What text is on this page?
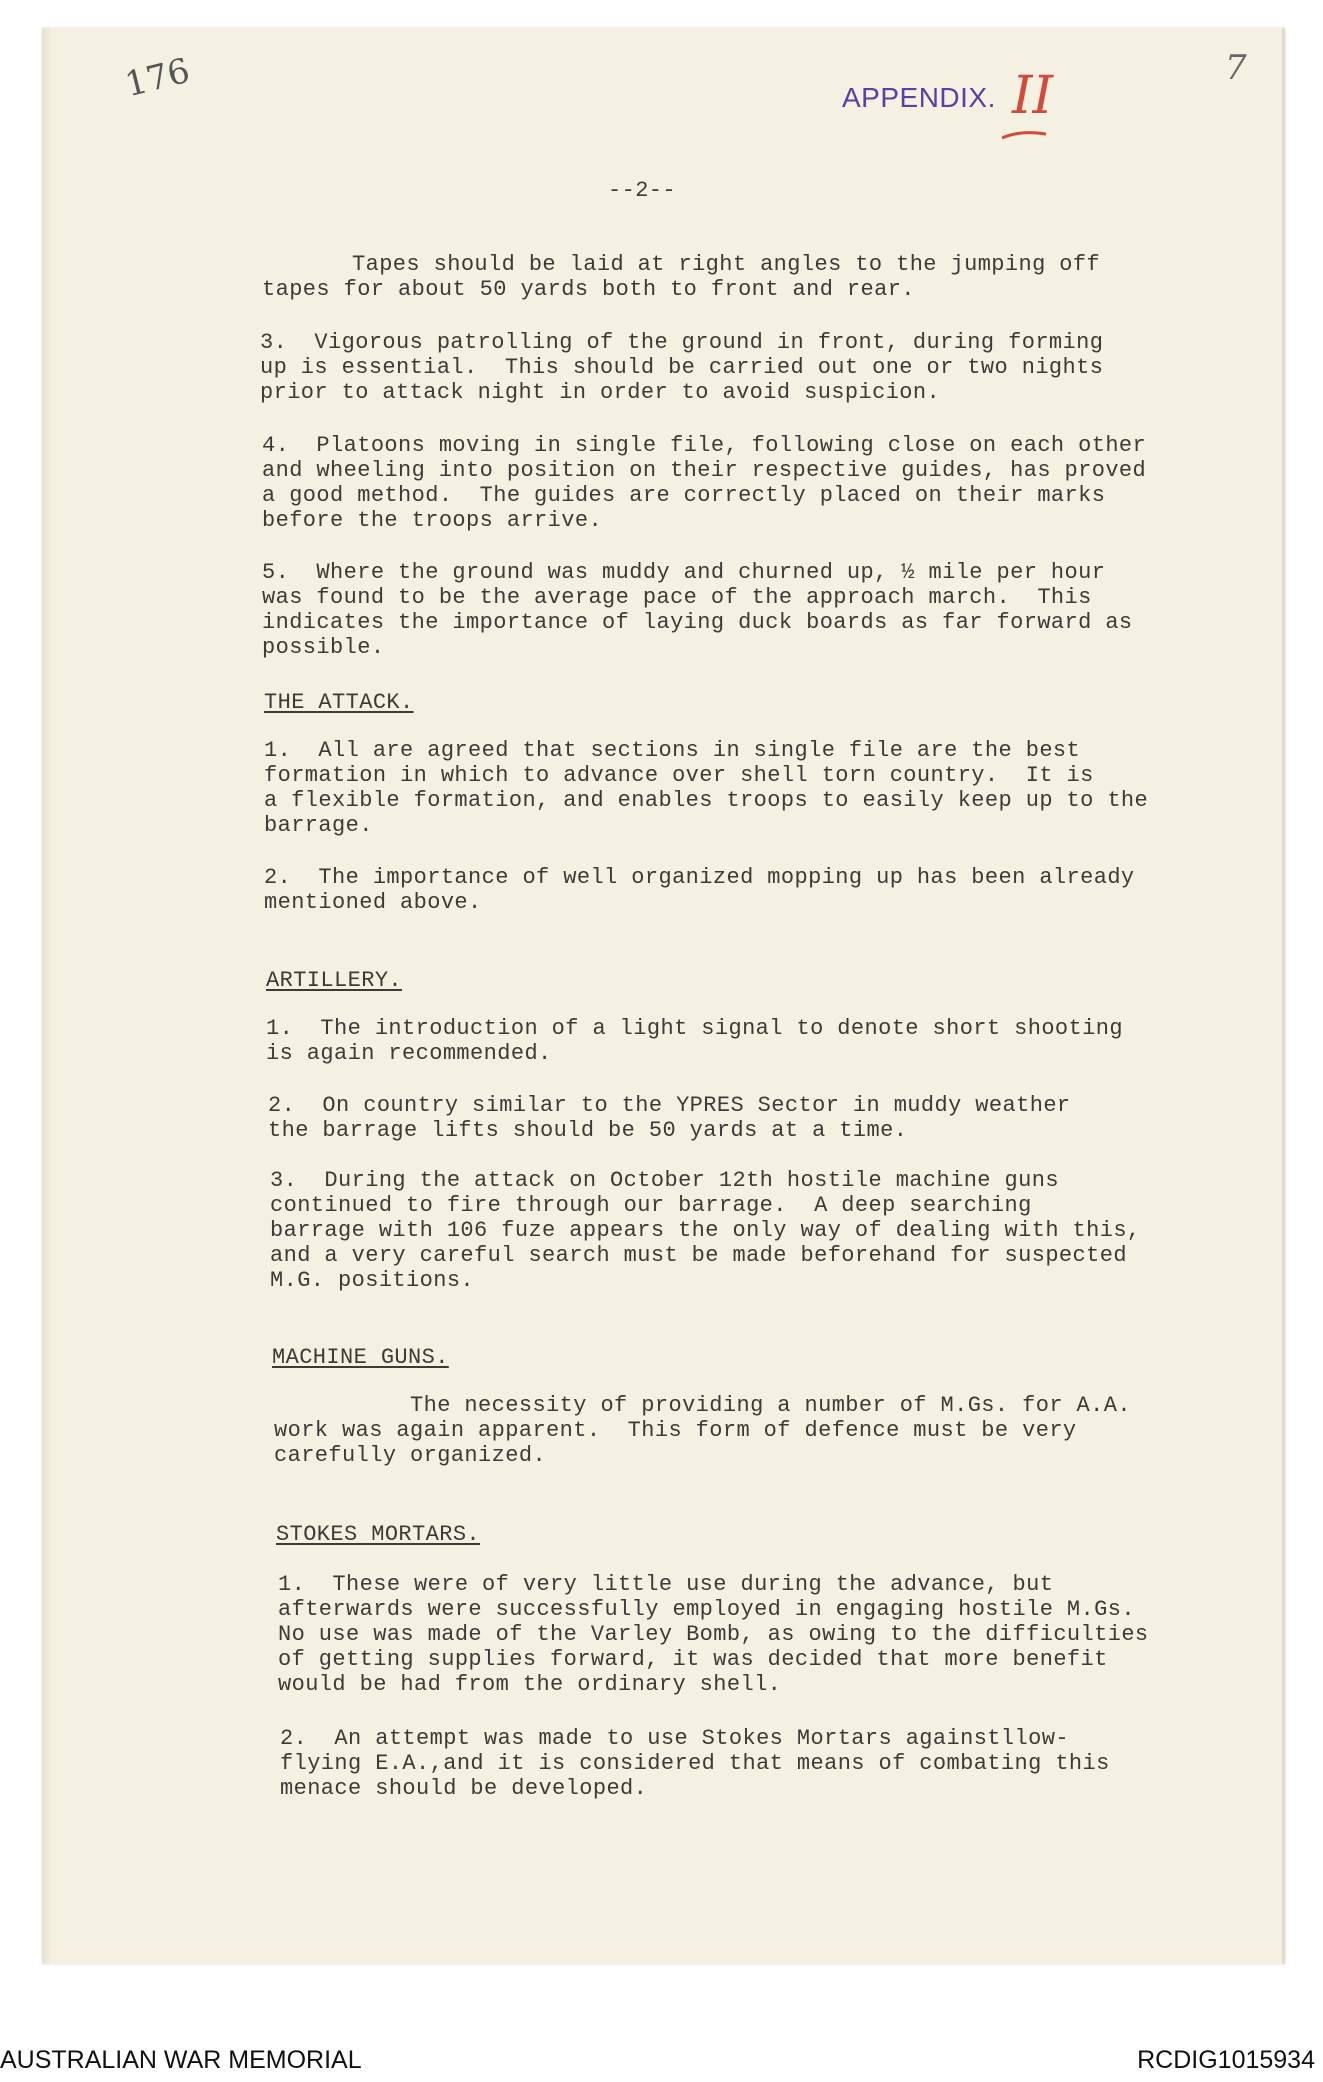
176	7
APPENDIX. II
--2--
Tapes should be laid at right angles to the jumping off
tapes for about 50 yards both to front and rear.
3.  Vigorous patrolling of the ground in front, during forming
up is essential.  This should be carried out one or two nights
prior to attack night in order to avoid suspicion.
4.  Platoons moving in single file, following close on each other
and wheeling into position on their respective guides, has proved
a good method.  The guides are correctly placed on their marks
before the troops arrive.
5.  Where the ground was muddy and churned up, ½ mile per hour
was found to be the average pace of the approach march.  This
indicates the importance of laying duck boards as far forward as
possible.
THE ATTACK.
1.  All are agreed that sections in single file are the best
formation in which to advance over shell torn country.  It is
a flexible formation, and enables troops to easily keep up to the
barrage.
2.  The importance of well organized mopping up has been already
mentioned above.
ARTILLERY.
1.  The introduction of a light signal to denote short shooting
is again recommended.
2.  On country similar to the YPRES Sector in muddy weather
the barrage lifts should be 50 yards at a time.
3.  During the attack on October 12th hostile machine guns
continued to fire through our barrage.  A deep searching
barrage with 106 fuze appears the only way of dealing with this,
and a very careful search must be made beforehand for suspected
M.G. positions.
MACHINE GUNS.
The necessity of providing a number of M.Gs. for A.A.
work was again apparent.  This form of defence must be very
carefully organized.
STOKES MORTARS.
1.  These were of very little use during the advance, but
afterwards were successfully employed in engaging hostile M.Gs.
No use was made of the Varley Bomb, as owing to the difficulties
of getting supplies forward, it was decided that more benefit
would be had from the ordinary shell.
2.  An attempt was made to use Stokes Mortars againstllow-
flying E.A.,and it is considered that means of combating this
menace should be developed.
AUSTRALIAN WAR MEMORIAL	RCDIG1015934
